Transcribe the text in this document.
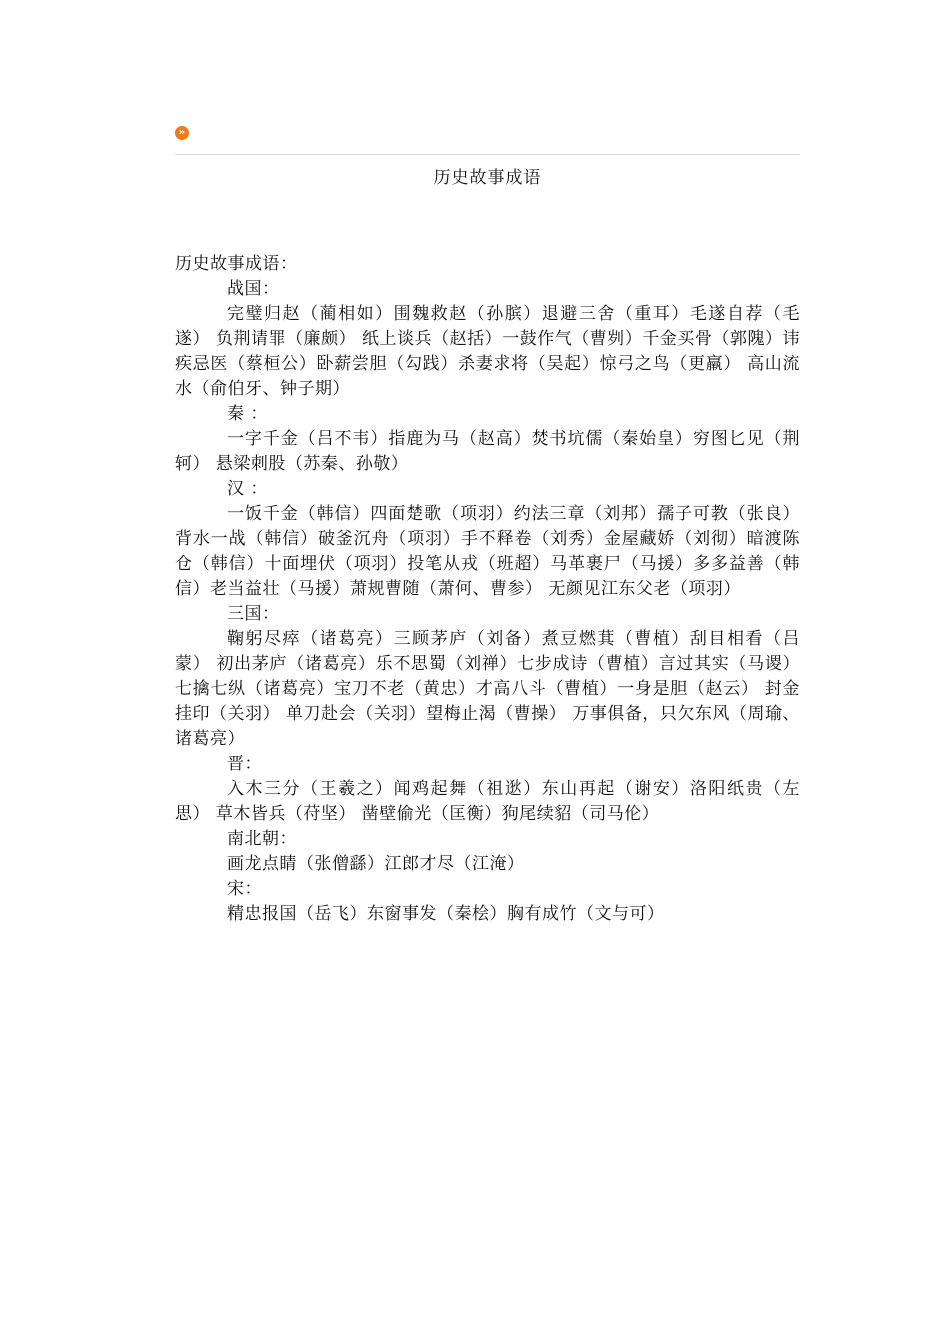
»
历史故事成语

历史故事成语：

战国：

完璧归赵（蔺相如）围魏救赵（孙膑）退避三舍（重耳）毛遂自荐（毛遂） 负荆请罪（廉颇） 纸上谈兵（赵括）一鼓作气（曹刿）千金买骨（郭隗）讳疾忌医（蔡桓公）卧薪尝胆（勾践）杀妻求将（吴起）惊弓之鸟（更羸） 高山流水（俞伯牙、钟子期）

秦 ：

一字千金（吕不韦）指鹿为马（赵高）焚书坑儒（秦始皇）穷图匕见（荆轲） 悬梁刺股（苏秦、孙敬）

汉 ：

一饭千金（韩信）四面楚歌（项羽）约法三章（刘邦）孺子可教（张良） 背水一战（韩信）破釜沉舟（项羽）手不释卷（刘秀）金屋藏娇（刘彻）暗渡陈仓（韩信）十面埋伏（项羽）投笔从戎（班超）马革裹尸（马援）多多益善（韩信）老当益壮（马援）萧规曹随（萧何、曹参） 无颜见江东父老（项羽）

三国：

鞠躬尽瘁（诸葛亮）三顾茅庐（刘备）煮豆燃萁（曹植）刮目相看（吕蒙） 初出茅庐（诸葛亮）乐不思蜀（刘禅）七步成诗（曹植）言过其实（马谡）七擒七纵（诸葛亮）宝刀不老（黄忠）才高八斗（曹植）一身是胆（赵云） 封金挂印（关羽） 单刀赴会（关羽）望梅止渴（曹操） 万事俱备，只欠东风（周瑜、诸葛亮）

晋：

入木三分（王羲之）闻鸡起舞（祖逖）东山再起（谢安）洛阳纸贵（左思） 草木皆兵（苻坚） 凿壁偷光（匡衡）狗尾续貂（司马伦）

南北朝：

画龙点睛（张僧繇）江郎才尽（江淹）

宋：

精忠报国（岳飞）东窗事发（秦桧）胸有成竹（文与可）
